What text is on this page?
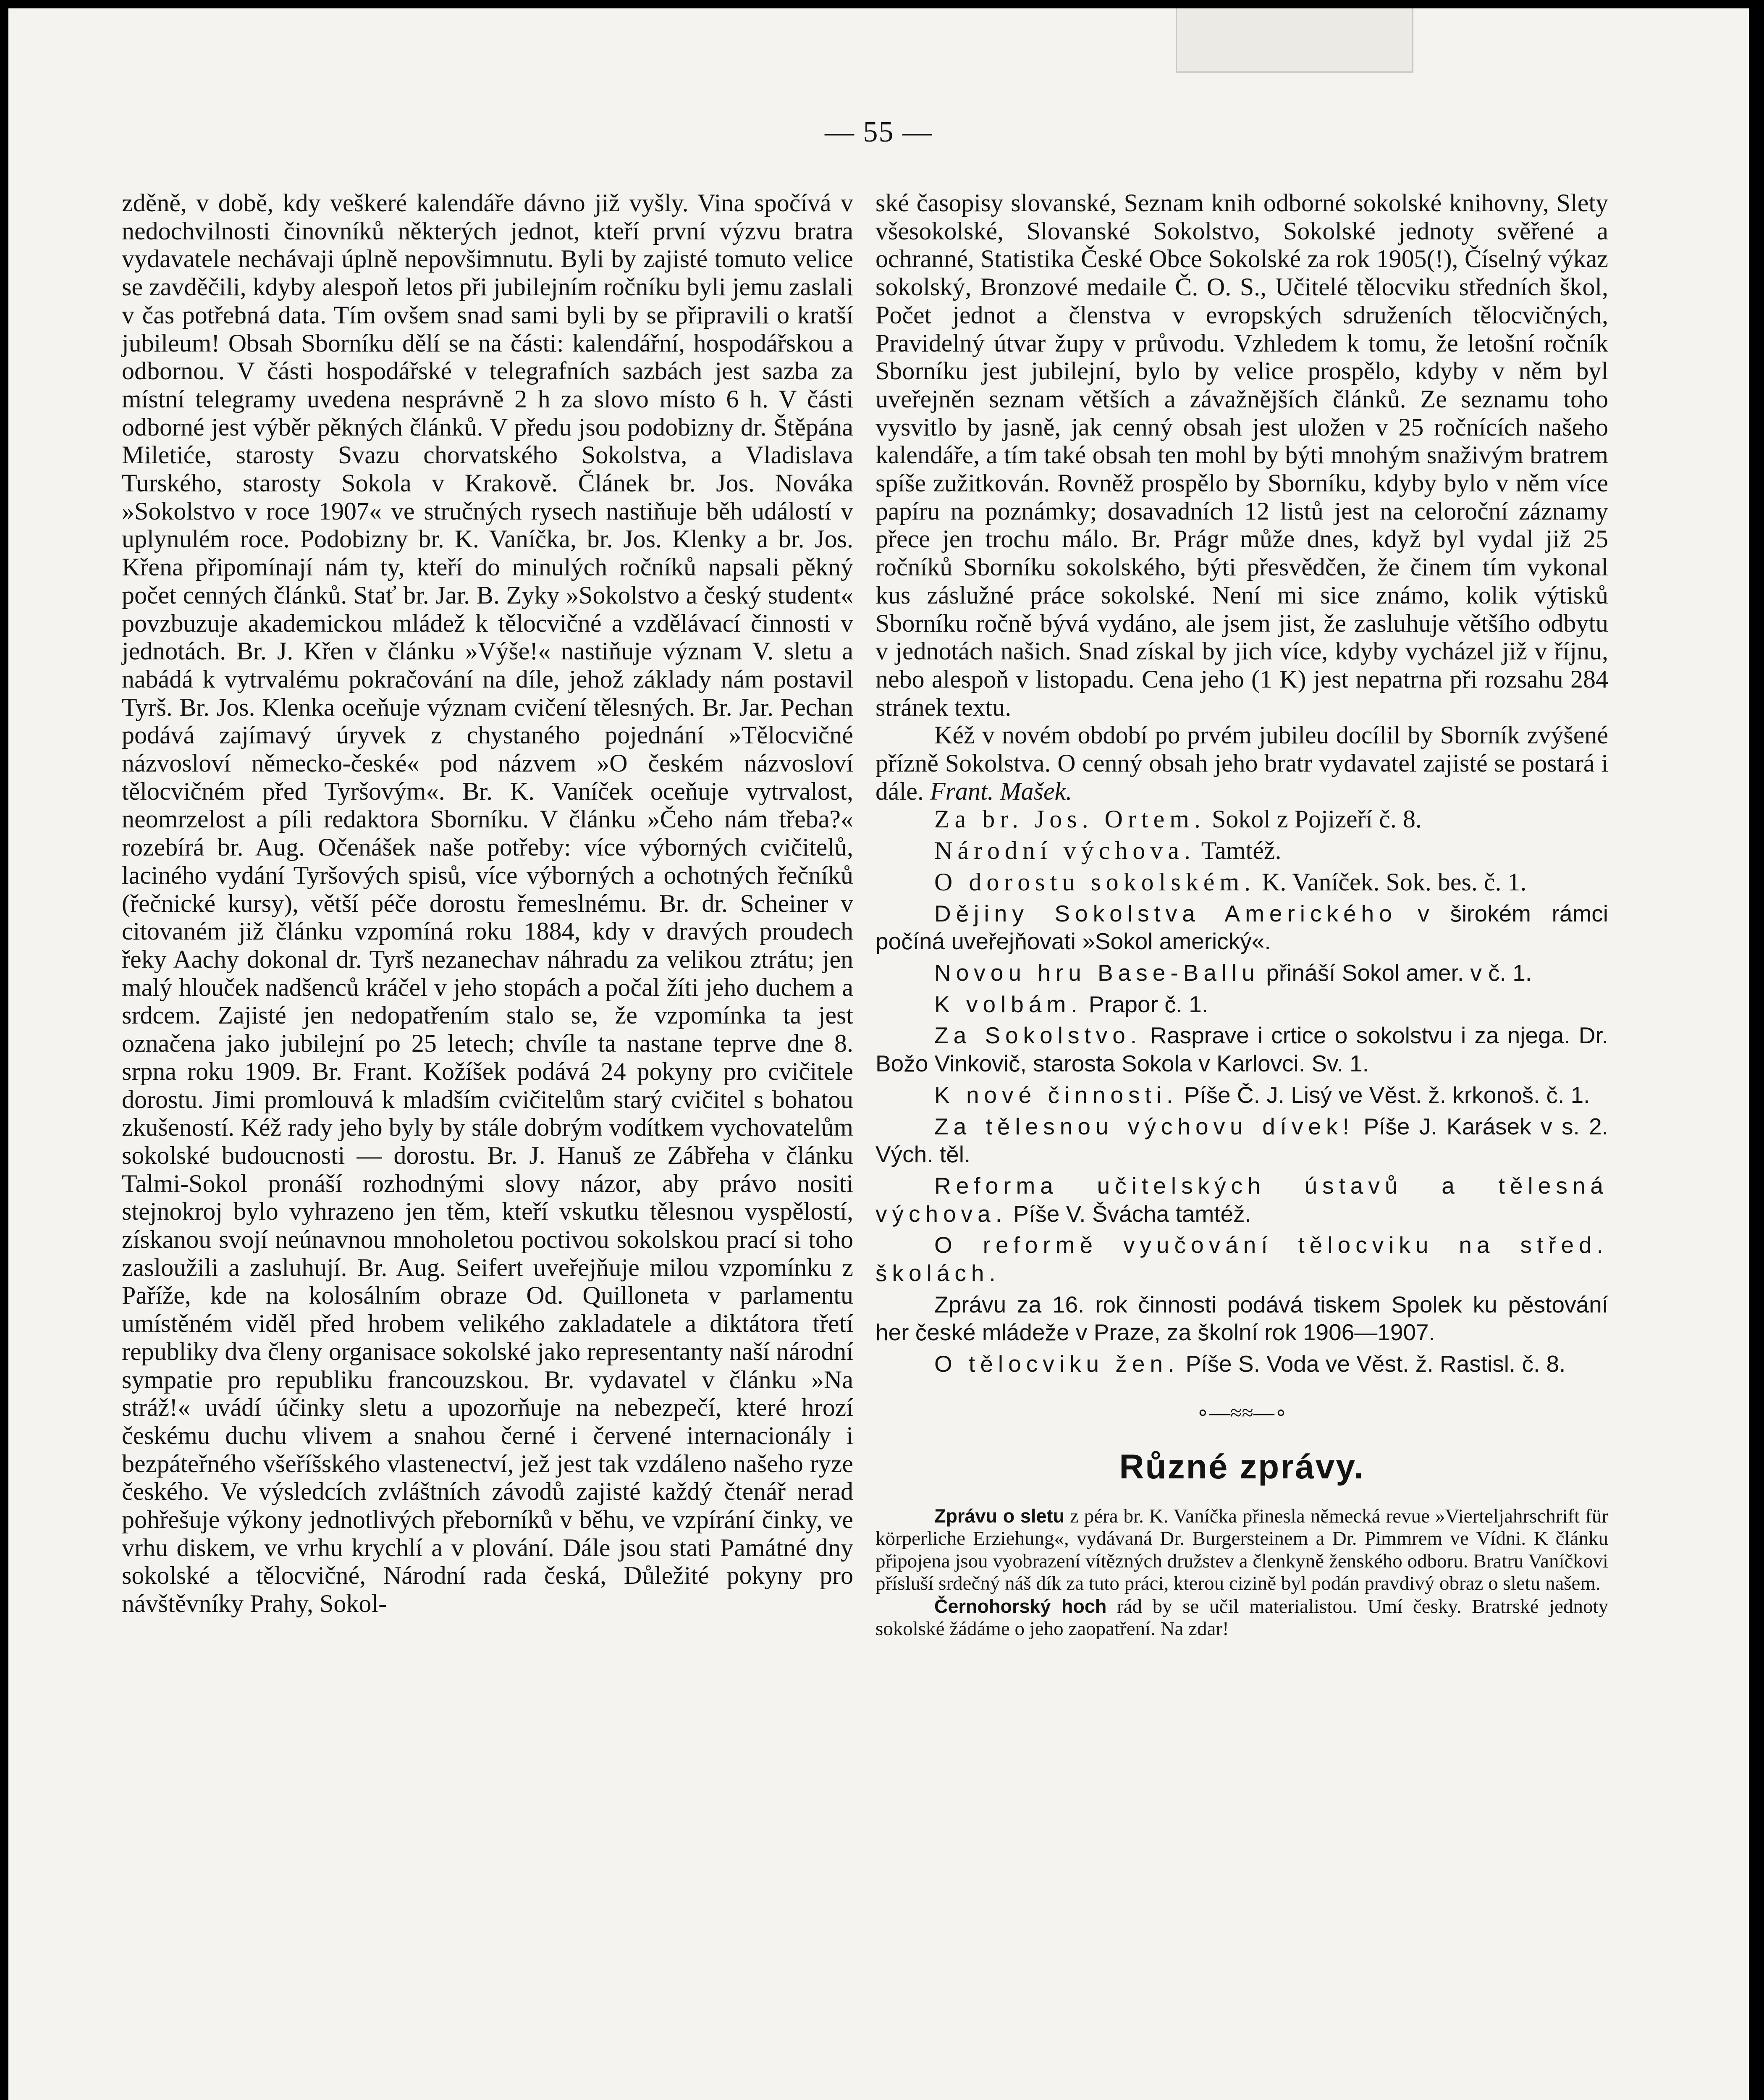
— 55 —

zděně, v době, kdy veškeré kalendáře dávno již vyšly. Vina spočívá v nedochvilnosti činovníků některých jednot, kteří první výzvu bratra vydavatele nechávaji úplně nepovšimnutu. Byli by zajisté tomuto velice se zavděčili, kdyby alespoň letos při jubilejním ročníku byli jemu zaslali v čas potřebná data. Tím ovšem snad sami byli by se připravili o kratší jubileum! Obsah Sborníku dělí se na části: kalendářní, hospodářskou a odbornou. V části hospodářské v telegrafních sazbách jest sazba za místní telegramy uvedena nesprávně 2 h za slovo místo 6 h. V části odborné jest výběr pěkných článků. V předu jsou podobizny dr. Štěpána Miletiće, starosty Svazu chorvatského Sokolstva, a Vladislava Turského, starosty Sokola v Krakově. Článek br. Jos. Nováka »Sokolstvo v roce 1907« ve stručných rysech nastiňuje běh událostí v uplynulém roce. Podobizny br. K. Vaníčka, br. Jos. Klenky a br. Jos. Křena připomínají nám ty, kteří do minulých ročníků napsali pěkný počet cenných článků. Stať br. Jar. B. Zyky »Sokolstvo a český student« povzbuzuje akademickou mládež k tělocvičné a vzdělávací činnosti v jednotách. Br. J. Křen v článku »Výše!« nastiňuje význam V. sletu a nabádá k vytrvalému pokračování na díle, jehož základy nám postavil Tyrš. Br. Jos. Klenka oceňuje význam cvičení tělesných. Br. Jar. Pechan podává zajímavý úryvek z chystaného pojednání »Tělocvičné názvosloví německo-české« pod názvem »O českém názvosloví tělocvičném před Tyršovým«. Br. K. Vaníček oceňuje vytrvalost, neomrzelost a píli redaktora Sborníku. V článku »Čeho nám třeba?« rozebírá br. Aug. Očenášek naše potřeby: více výborných cvičitelů, laciného vydání Tyršových spisů, více výborných a ochotných řečníků (řečnické kursy), větší péče dorostu řemeslnému. Br. dr. Scheiner v citovaném již článku vzpomíná roku 1884, kdy v dravých proudech řeky Aachy dokonal dr. Tyrš nezanechav náhradu za velikou ztrátu; jen malý hlouček nadšenců kráčel v jeho stopách a počal žíti jeho duchem a srdcem. Zajisté jen nedopatřením stalo se, že vzpomínka ta jest označena jako jubilejní po 25 letech; chvíle ta nastane teprve dne 8. srpna roku 1909. Br. Frant. Kožíšek podává 24 pokyny pro cvičitele dorostu. Jimi promlouvá k mladším cvičitelům starý cvičitel s bohatou zkušeností. Kéž rady jeho byly by stále dobrým vodítkem vychovatelům sokolské budoucnosti — dorostu. Br. J. Hanuš ze Zábřeha v článku Talmi-Sokol pronáší rozhodnými slovy názor, aby právo nositi stejnokroj bylo vyhrazeno jen těm, kteří vskutku tělesnou vyspělostí, získanou svojí neúnavnou mnoholetou poctivou sokolskou prací si toho zasloužili a zasluhují. Br. Aug. Seifert uveřejňuje milou vzpomínku z Paříže, kde na kolosálním obraze Od. Quilloneta v parlamentu umístěném viděl před hrobem velikého zakladatele a diktátora třetí republiky dva členy organisace sokolské jako representanty naší národní sympatie pro republiku francouzskou. Br. vydavatel v článku »Na stráž!« uvádí účinky sletu a upozorňuje na nebezpečí, které hrozí českému duchu vlivem a snahou černé i červené internacionály i bezpáteřného všeříšského vlastenectví, jež jest tak vzdáleno našeho ryze českého. Ve výsledcích zvláštních závodů zajisté každý čtenář nerad pohřešuje výkony jednotlivých přeborníků v běhu, ve vzpírání činky, ve vrhu diskem, ve vrhu krychlí a v plování. Dále jsou stati Památné dny sokolské a tělocvičné, Národní rada česká, Důležité pokyny pro návštěvníky Prahy, Sokol-

ské časopisy slovanské, Seznam knih odborné sokolské knihovny, Slety všesokolské, Slovanské Sokolstvo, Sokolské jednoty svěřené a ochranné, Statistika České Obce Sokolské za rok 1905(!), Číselný výkaz sokolský, Bronzové medaile Č. O. S., Učitelé tělocviku středních škol, Počet jednot a členstva v evropských sdruženích tělocvičných, Pravidelný útvar župy v průvodu. Vzhledem k tomu, že letošní ročník Sborníku jest jubilejní, bylo by velice prospělo, kdyby v něm byl uveřejněn seznam větších a závažnějších článků. Ze seznamu toho vysvitlo by jasně, jak cenný obsah jest uložen v 25 ročnících našeho kalendáře, a tím také obsah ten mohl by býti mnohým snaživým bratrem spíše zužitkován. Rovněž prospělo by Sborníku, kdyby bylo v něm více papíru na poznámky; dosavadních 12 listů jest na celoroční záznamy přece jen trochu málo. Br. Prágr může dnes, když byl vydal již 25 ročníků Sborníku sokolského, býti přesvědčen, že činem tím vykonal kus záslužné práce sokolské. Není mi sice známo, kolik výtisků Sborníku ročně bývá vydáno, ale jsem jist, že zasluhuje většího odbytu v jednotách našich. Snad získal by jich více, kdyby vycházel již v říjnu, nebo alespoň v listopadu. Cena jeho (1 K) jest nepatrna při rozsahu 284 stránek textu.

Kéž v novém období po prvém jubileu docílil by Sborník zvýšené přízně Sokolstva. O cenný obsah jeho bratr vydavatel zajisté se postará i dále. Frant. Mašek.

Za br. Jos. Ortem. Sokol z Pojizeří č. 8.

Národní výchova. Tamtéž.

O dorostu sokolském. K. Vaníček. Sok. bes. č. 1.

Dějiny Sokolstva Amerického v širokém rámci počíná uveřejňovati »Sokol americký«.

Novou hru Base-Ballu přináší Sokol amer. v č. 1.

K volbám. Prapor č. 1.

Za Sokolstvo. Rasprave i crtice o sokolstvu i za njega. Dr. Božo Vinkovič, starosta Sokola v Karlovci. Sv. 1.

K nové činnosti. Píše Č. J. Lisý ve Věst. ž. krkonoš. č. 1.

Za tělesnou výchovu dívek! Píše J. Karásek v s. 2. Vých. těl.

Reforma učitelských ústavů a tělesná výchova. Píše V. Švácha tamtéž.

O reformě vyučování tělocviku na střed. školách.

Zprávu za 16. rok činnosti podává tiskem Spolek ku pěstování her české mládeže v Praze, za školní rok 1906—1907.

O tělocviku žen. Píše S. Voda ve Věst. ž. Rastisl. č. 8.

∘—≈≈—∘
Různé zprávy.

Zprávu o sletu z péra br. K. Vaníčka přinesla německá revue »Vierteljahrschrift für körperliche Erziehung«, vydávaná Dr. Burgersteinem a Dr. Pimmrem ve Vídni. K článku připojena jsou vyobrazení vítězných družstev a členkyně ženského odboru. Bratru Vaníčkovi přísluší srdečný náš dík za tuto práci, kterou cizině byl podán pravdivý obraz o sletu našem.

Černohorský hoch rád by se učil materialistou. Umí česky. Bratrské jednoty sokolské žádáme o jeho zaopatření. Na zdar!
